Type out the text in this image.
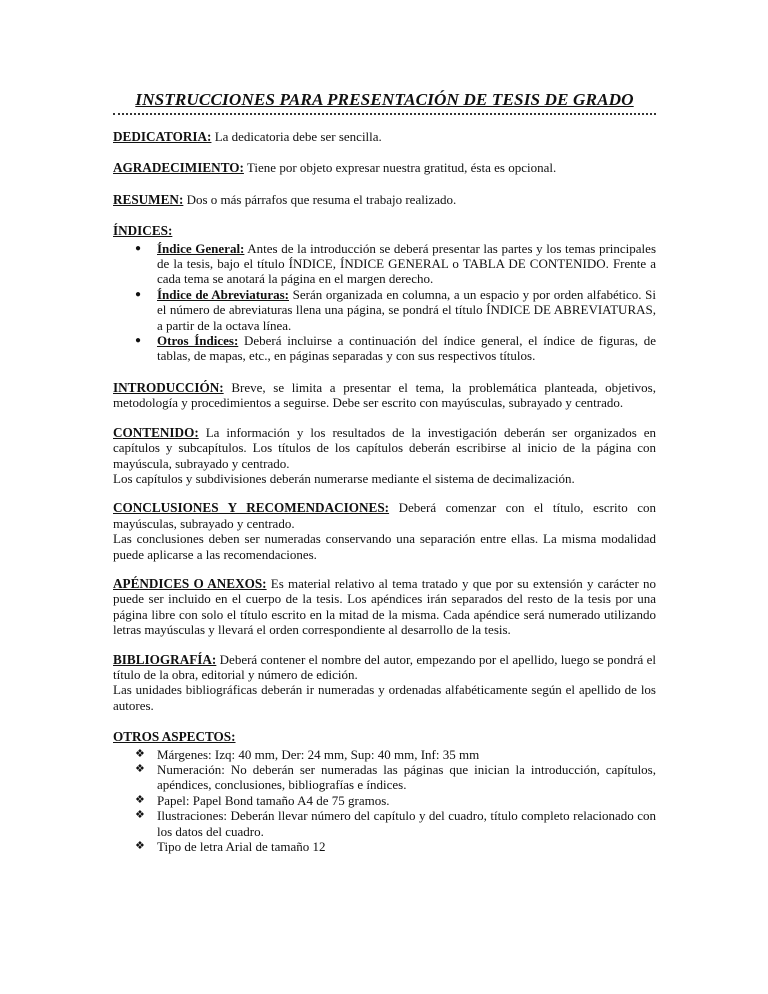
INSTRUCCIONES PARA PRESENTACIÓN DE TESIS DE GRADO

DEDICATORIA: La dedicatoria debe ser sencilla.

AGRADECIMIENTO: Tiene por objeto expresar nuestra gratitud, ésta es opcional.

RESUMEN: Dos o más párrafos que resuma el trabajo realizado.

ÍNDICES:
● Índice General: Antes de la introducción se deberá presentar las partes y los temas principales de la tesis, bajo el título ÍNDICE, ÍNDICE GENERAL o TABLA DE CONTENIDO. Frente a cada tema se anotará la página en el margen derecho.
● Índice de Abreviaturas: Serán organizada en columna, a un espacio y por orden alfabético. Si el número de abreviaturas llena una página, se pondrá el título ÍNDICE DE ABREVIATURAS, a partir de la octava línea.
● Otros Índices: Deberá incluirse a continuación del índice general, el índice de figuras, de tablas, de mapas, etc., en páginas separadas y con sus respectivos títulos.

INTRODUCCIÓN: Breve, se limita a presentar el tema, la problemática planteada, objetivos, metodología y procedimientos a seguirse. Debe ser escrito con mayúsculas, subrayado y centrado.

CONTENIDO: La información y los resultados de la investigación deberán ser organizados en capítulos y subcapítulos. Los títulos de los capítulos deberán escribirse al inicio de la página con mayúscula, subrayado y centrado.

Los capítulos y subdivisiones deberán numerarse mediante el sistema de decimalización.

CONCLUSIONES Y RECOMENDACIONES: Deberá comenzar con el título, escrito con mayúsculas, subrayado y centrado.

Las conclusiones deben ser numeradas conservando una separación entre ellas. La misma modalidad puede aplicarse a las recomendaciones.

APÉNDICES O ANEXOS: Es material relativo al tema tratado y que por su extensión y carácter no puede ser incluido en el cuerpo de la tesis. Los apéndices irán separados del resto de la tesis por una página libre con solo el título escrito en la mitad de la misma. Cada apéndice será numerado utilizando letras mayúsculas y llevará el orden correspondiente al desarrollo de la tesis.

BIBLIOGRAFÍA: Deberá contener el nombre del autor, empezando por el apellido, luego se pondrá el título de la obra, editorial y número de edición.

Las unidades bibliográficas deberán ir numeradas y ordenadas alfabéticamente según el apellido de los autores.

OTROS ASPECTOS:
❖ Márgenes: Izq: 40 mm, Der: 24 mm, Sup: 40 mm, Inf: 35 mm
❖ Numeración: No deberán ser numeradas las páginas que inician la introducción, capítulos, apéndices, conclusiones, bibliografías e índices.
❖ Papel: Papel Bond tamaño A4 de 75 gramos.
❖ Ilustraciones: Deberán llevar número del capítulo y del cuadro, título completo relacionado con los datos del cuadro.
❖ Tipo de letra Arial de tamaño 12
